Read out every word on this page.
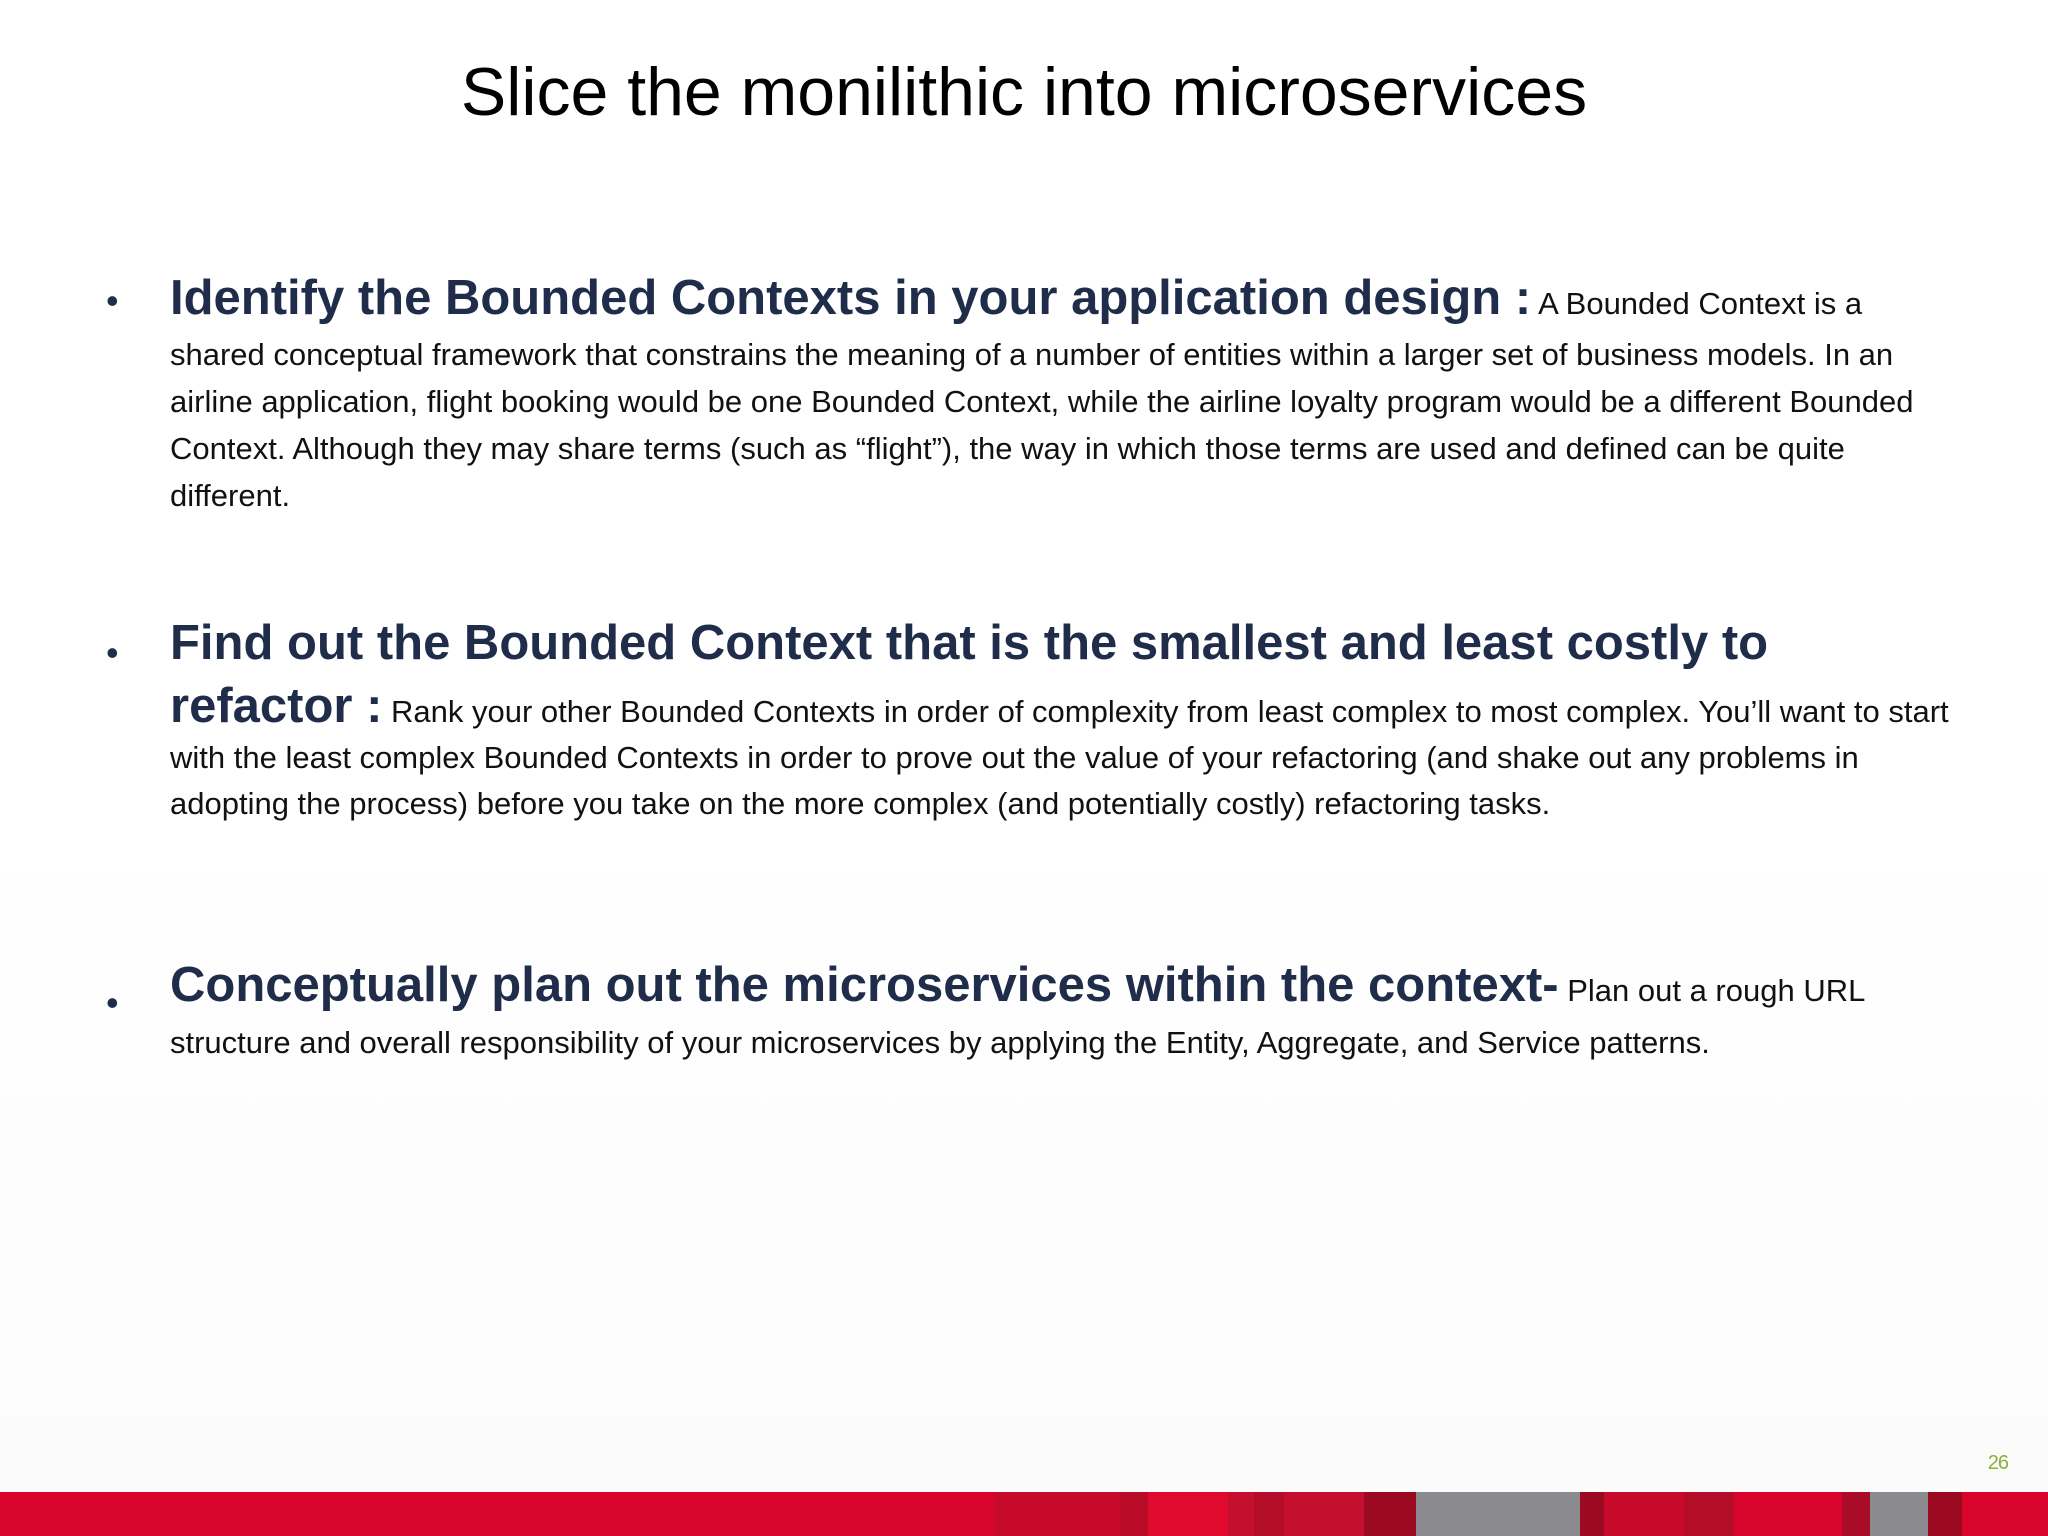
Slice the monilithic into microservices
• Identify the Bounded Contexts in your application design : A Bounded Context is a shared conceptual framework that constrains the meaning of a number of entities within a larger set of business models. In an airline application, flight booking would be one Bounded Context, while the airline loyalty program would be a different Bounded Context. Although they may share terms (such as “flight”), the way in which those terms are used and defined can be quite different.

• Find out the Bounded Context that is the smallest and least costly to refactor : Rank your other Bounded Contexts in order of complexity from least complex to most complex. You’ll want to start with the least complex Bounded Contexts in order to prove out the value of your refactoring (and shake out any problems in adopting the process) before you take on the more complex (and potentially costly) refactoring tasks.

• Conceptually plan out the microservices within the context- Plan out a rough URL structure and overall responsibility of your microservices by applying the Entity, Aggregate, and Service patterns.

26
